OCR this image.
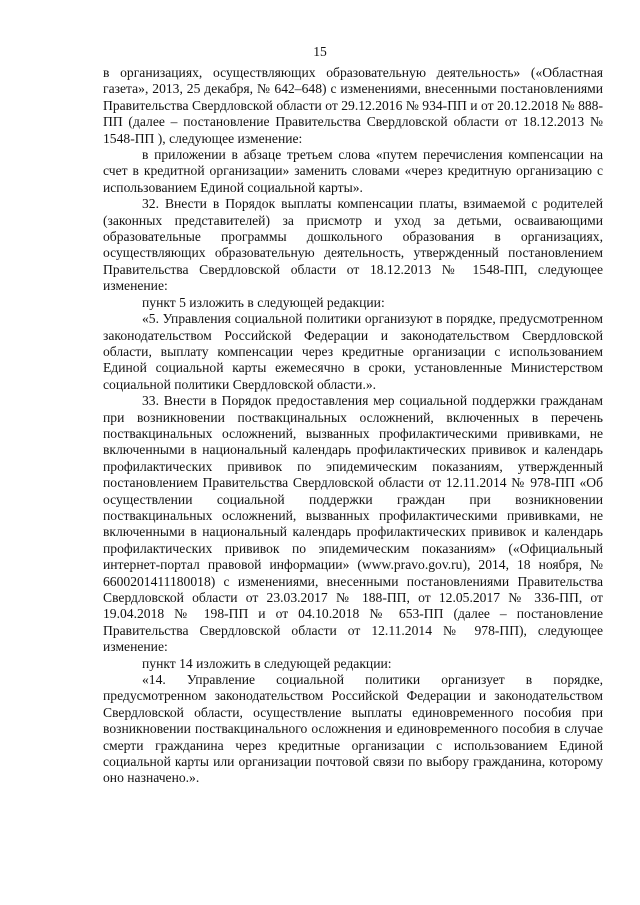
15

в организациях, осуществляющих образовательную деятельность» («Областная газета», 2013, 25 декабря, № 642–648) с изменениями, внесенными постановлениями Правительства Свердловской области от 29.12.2016 № 934-ПП и от 20.12.2018 № 888-ПП (далее – постановление Правительства Свердловской области от 18.12.2013 № 1548-ПП ), следующее изменение:

в приложении в абзаце третьем слова «путем перечисления компенсации на счет в кредитной организации» заменить словами «через кредитную организацию с использованием Единой социальной карты».

32. Внести в Порядок выплаты компенсации платы, взимаемой с родителей (законных представителей) за присмотр и уход за детьми, осваивающими образовательные программы дошкольного образования в организациях, осуществляющих образовательную деятельность, утвержденный постановлением Правительства Свердловской области от 18.12.2013 № 1548-ПП, следующее изменение:

пункт 5 изложить в следующей редакции:

«5. Управления социальной политики организуют в порядке, предусмотренном законодательством Российской Федерации и законодательством Свердловской области, выплату компенсации через кредитные организации с использованием Единой социальной карты ежемесячно в сроки, установленные Министерством социальной политики Свердловской области.».

33. Внести в Порядок предоставления мер социальной поддержки гражданам при возникновении поствакцинальных осложнений, включенных в перечень поствакцинальных осложнений, вызванных профилактическими прививками, не включенными в национальный календарь профилактических прививок и календарь профилактических прививок по эпидемическим показаниям, утвержденный постановлением Правительства Свердловской области от 12.11.2014 № 978-ПП «Об осуществлении социальной поддержки граждан при возникновении поствакцинальных осложнений, вызванных профилактическими прививками, не включенными в национальный календарь профилактических прививок и календарь профилактических прививок по эпидемическим показаниям» («Официальный интернет-портал правовой информации» (www.pravo.gov.ru), 2014, 18 ноября, № 6600201411180018) с изменениями, внесенными постановлениями Правительства Свердловской области от 23.03.2017 № 188-ПП, от 12.05.2017 № 336-ПП, от 19.04.2018 № 198-ПП и от 04.10.2018 № 653-ПП (далее – постановление Правительства Свердловской области от 12.11.2014 № 978-ПП), следующее изменение:

пункт 14 изложить в следующей редакции:

«14. Управление социальной политики организует в порядке, предусмотренном законодательством Российской Федерации и законодательством Свердловской области, осуществление выплаты единовременного пособия при возникновении поствакцинального осложнения и единовременного пособия в случае смерти гражданина через кредитные организации с использованием Единой социальной карты или организации почтовой связи по выбору гражданина, которому оно назначено.».
